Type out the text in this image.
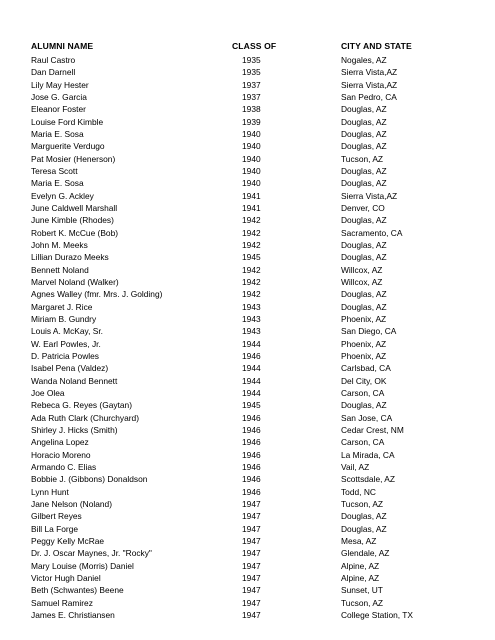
ALUMNI NAME	CLASS OF	CITY AND STATE
Raul Castro	1935	Nogales, AZ
Dan Darnell	1935	Sierra Vista,AZ
Lily May Hester	1937	Sierra Vista,AZ
Jose G. Garcia	1937	San Pedro, CA
Eleanor Foster	1938	Douglas, AZ
Louise Ford Kimble	1939	Douglas, AZ
Maria E. Sosa	1940	Douglas, AZ
Marguerite Verdugo	1940	Douglas, AZ
Pat Mosier (Henerson)	1940	Tucson, AZ
Teresa Scott	1940	Douglas, AZ
Maria E. Sosa	1940	Douglas, AZ
Evelyn G. Ackley	1941	Sierra Vista,AZ
June Caldwell Marshall	1941	Denver, CO
June Kimble (Rhodes)	1942	Douglas, AZ
Robert K. McCue (Bob)	1942	Sacramento, CA
John M. Meeks	1942	Douglas, AZ
Lillian Durazo Meeks	1945	Douglas, AZ
Bennett Noland	1942	Willcox, AZ
Marvel Noland (Walker)	1942	Willcox, AZ
Agnes Walley (fmr. Mrs. J. Golding)	1942	Douglas, AZ
Margaret J. Rice	1943	Douglas, AZ
Miriam B. Gundry	1943	Phoenix, AZ
Louis A. McKay, Sr.	1943	San Diego, CA
W. Earl Powles, Jr.	1944	Phoenix, AZ
D. Patricia Powles	1946	Phoenix, AZ
Isabel Pena (Valdez)	1944	Carlsbad, CA
Wanda Noland Bennett	1944	Del City, OK
Joe Olea	1944	Carson, CA
Rebeca G. Reyes (Gaytan)	1945	Douglas, AZ
Ada Ruth Clark (Churchyard)	1946	San Jose, CA
Shirley J. Hicks (Smith)	1946	Cedar Crest, NM
Angelina Lopez	1946	Carson, CA
Horacio Moreno	1946	La Mirada, CA
Armando C. Elias	1946	Vail, AZ
Bobbie J. (Gibbons) Donaldson	1946	Scottsdale, AZ
Lynn Hunt	1946	Todd, NC
Jane Nelson (Noland)	1947	Tucson, AZ
Gilbert Reyes	1947	Douglas, AZ
Bill La Forge	1947	Douglas, AZ
Peggy Kelly McRae	1947	Mesa, AZ
Dr. J. Oscar Maynes, Jr. "Rocky"	1947	Glendale, AZ
Mary Louise (Morris) Daniel	1947	Alpine, AZ
Victor Hugh Daniel	1947	Alpine, AZ
Beth (Schwantes) Beene	1947	Sunset, UT
Samuel Ramirez	1947	Tucson, AZ
James E. Christiansen	1947	College Station, TX
